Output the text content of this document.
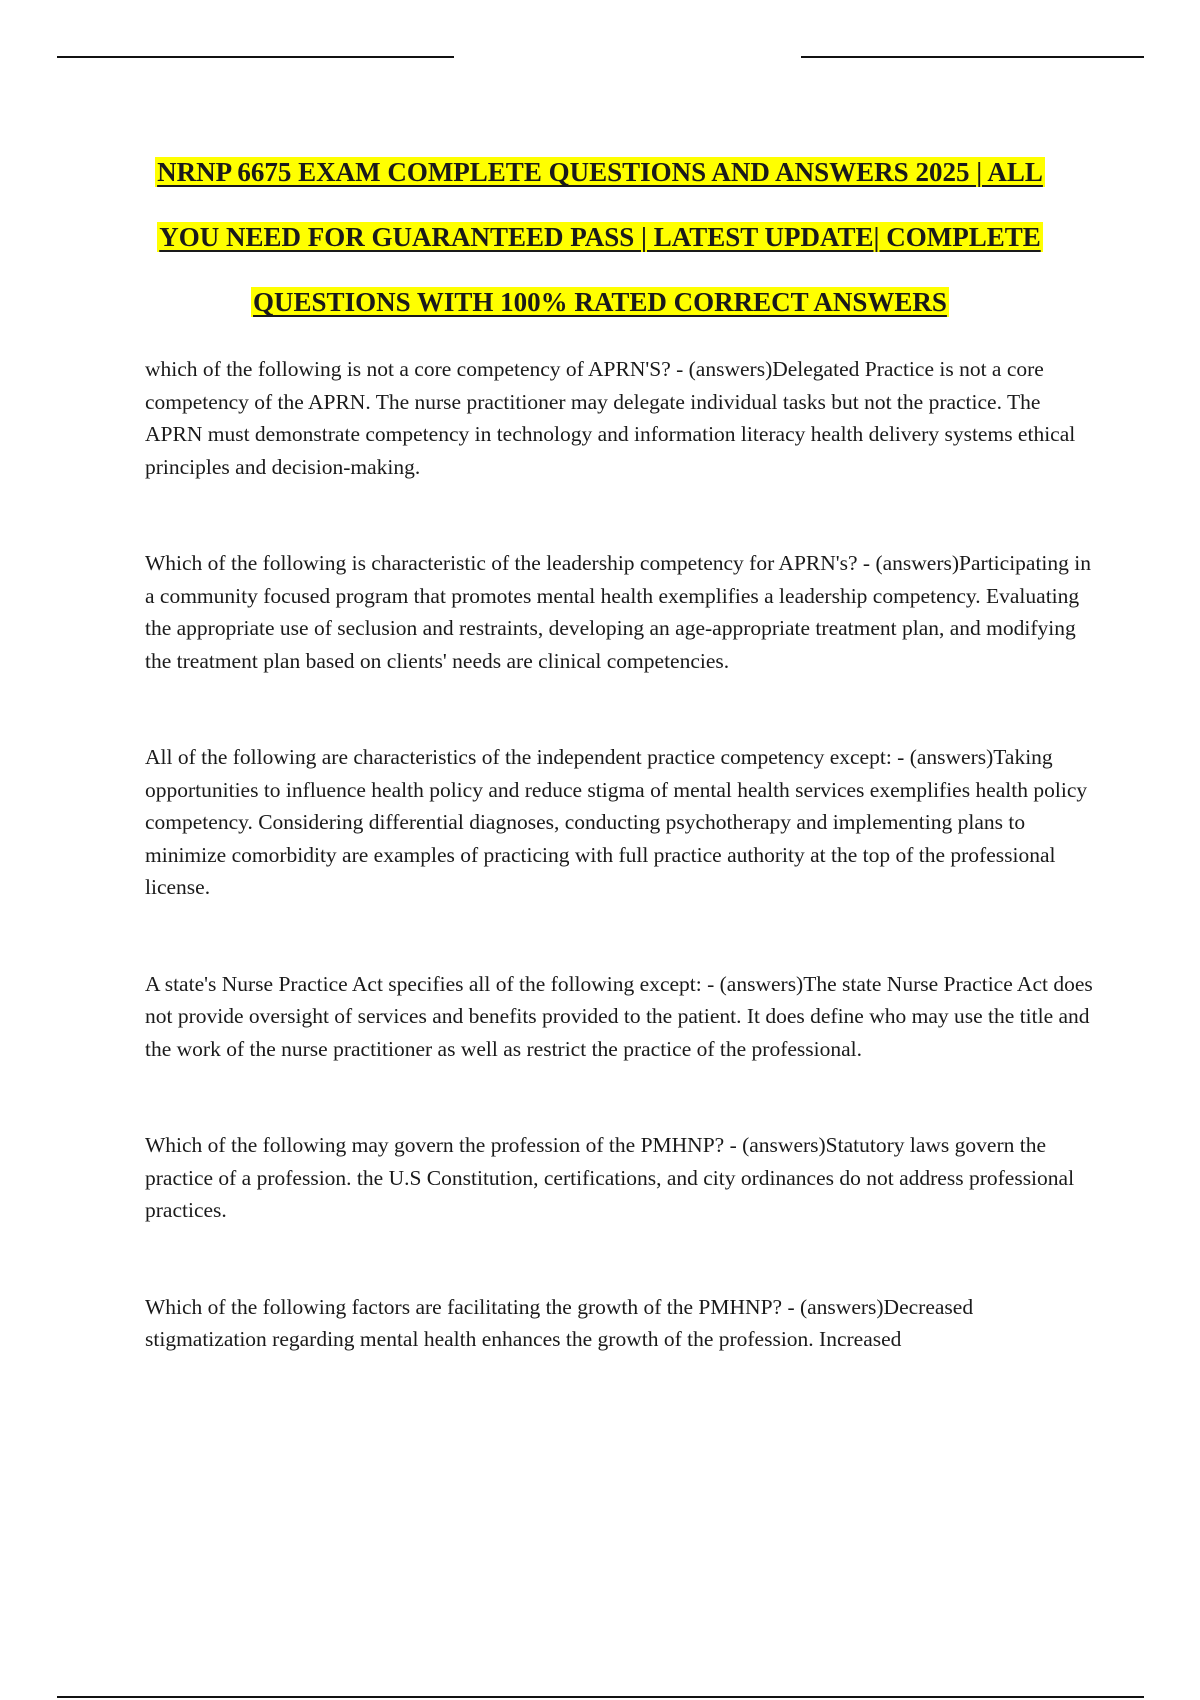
NRNP 6675 EXAM COMPLETE QUESTIONS AND ANSWERS 2025 | ALL
YOU NEED FOR GUARANTEED PASS | LATEST UPDATE| COMPLETE
QUESTIONS WITH 100% RATED CORRECT ANSWERS

which of the following is not a core competency of APRN'S? - (answers)Delegated Practice is not a core competency of the APRN. The nurse practitioner may delegate individual tasks but not the practice. The APRN must demonstrate competency in technology and information literacy health delivery systems ethical principles and decision-making.

Which of the following is characteristic of the leadership competency for APRN's? - (answers)Participating in a community focused program that promotes mental health exemplifies a leadership competency. Evaluating the appropriate use of seclusion and restraints, developing an age-appropriate treatment plan, and modifying the treatment plan based on clients' needs are clinical competencies.

All of the following are characteristics of the independent practice competency except: - (answers)Taking opportunities to influence health policy and reduce stigma of mental health services exemplifies health policy competency. Considering differential diagnoses, conducting psychotherapy and implementing plans to minimize comorbidity are examples of practicing with full practice authority at the top of the professional license.

A state's Nurse Practice Act specifies all of the following except: - (answers)The state Nurse Practice Act does not provide oversight of services and benefits provided to the patient. It does define who may use the title and the work of the nurse practitioner as well as restrict the practice of the professional.

Which of the following may govern the profession of the PMHNP? - (answers)Statutory laws govern the practice of a profession. the U.S Constitution, certifications, and city ordinances do not address professional practices.

Which of the following factors are facilitating the growth of the PMHNP? - (answers)Decreased stigmatization regarding mental health enhances the growth of the profession. Increased
